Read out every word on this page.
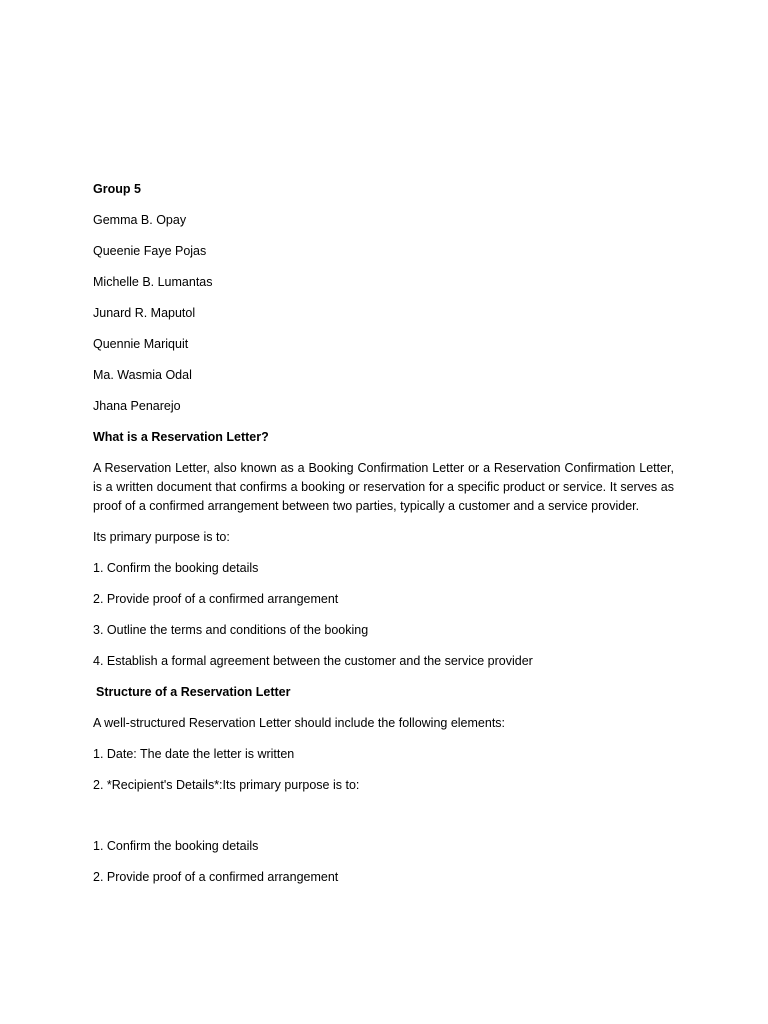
Group 5

Gemma B. Opay

Queenie Faye Pojas

Michelle B. Lumantas

Junard R. Maputol

Quennie Mariquit

Ma. Wasmia Odal

Jhana Penarejo

What is a Reservation Letter?

A Reservation Letter, also known as a Booking Confirmation Letter or a Reservation Confirmation Letter, is a written document that confirms a booking or reservation for a specific product or service. It serves as proof of a confirmed arrangement between two parties, typically a customer and a service provider.

Its primary purpose is to:

1. Confirm the booking details

2. Provide proof of a confirmed arrangement

3. Outline the terms and conditions of the booking

4. Establish a formal agreement between the customer and the service provider

Structure of a Reservation Letter

A well-structured Reservation Letter should include the following elements:

1. Date: The date the letter is written

2. *Recipient's Details*:Its primary purpose is to:

1. Confirm the booking details

2. Provide proof of a confirmed arrangement
